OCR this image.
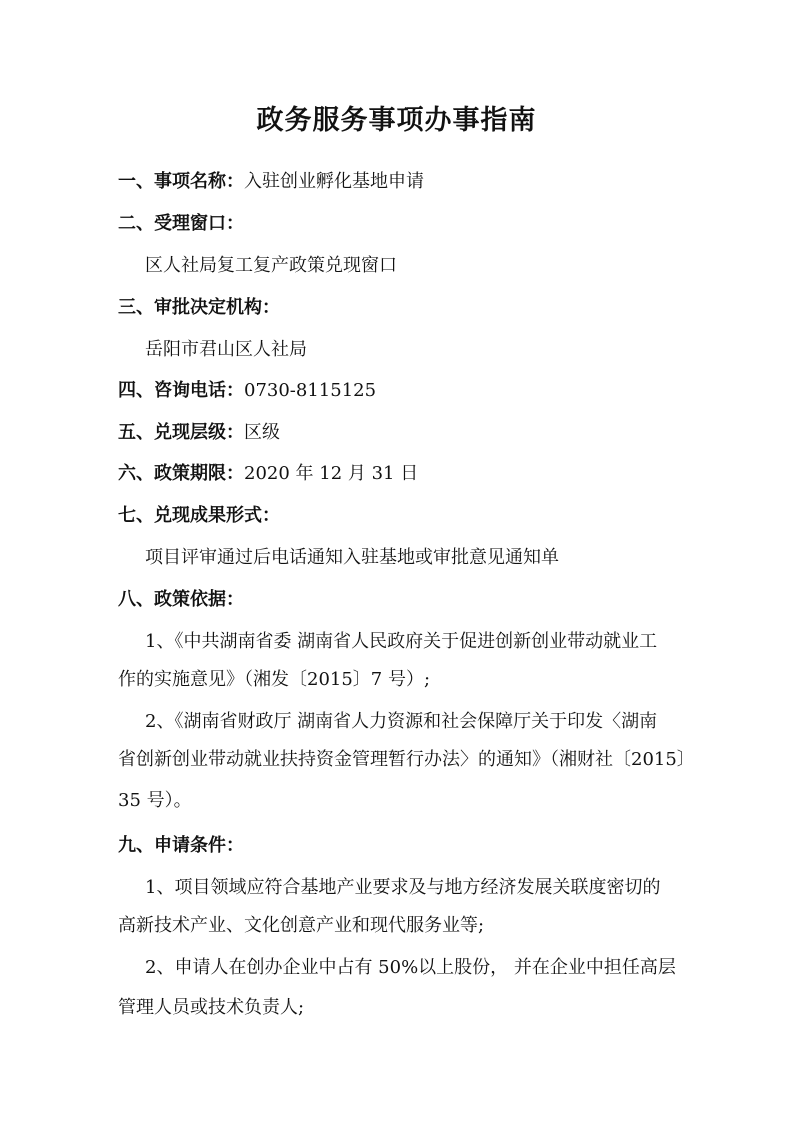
政务服务事项办事指南
一、事项名称：入驻创业孵化基地申请
二、受理窗口：
区人社局复工复产政策兑现窗口
三、审批决定机构：
岳阳市君山区人社局
四、咨询电话：0730-8115125
五、兑现层级：区级
六、政策期限：2020 年 12 月 31 日
七、兑现成果形式：
项目评审通过后电话通知入驻基地或审批意见通知单
八、政策依据：
1、《中共湖南省委 湖南省人民政府关于促进创新创业带动就业工
作的实施意见》（湘发〔2015〕7 号）;
2、《湖南省财政厅 湖南省人力资源和社会保障厅关于印发〈湖南
省创新创业带动就业扶持资金管理暂行办法〉的通知》（湘财社〔2015〕
35 号）。
九、申请条件：
1、项目领域应符合基地产业要求及与地方经济发展关联度密切的
高新技术产业、文化创意产业和现代服务业等;
2、申请人在创办企业中占有 50%以上股份， 并在企业中担任高层
管理人员或技术负责人;
